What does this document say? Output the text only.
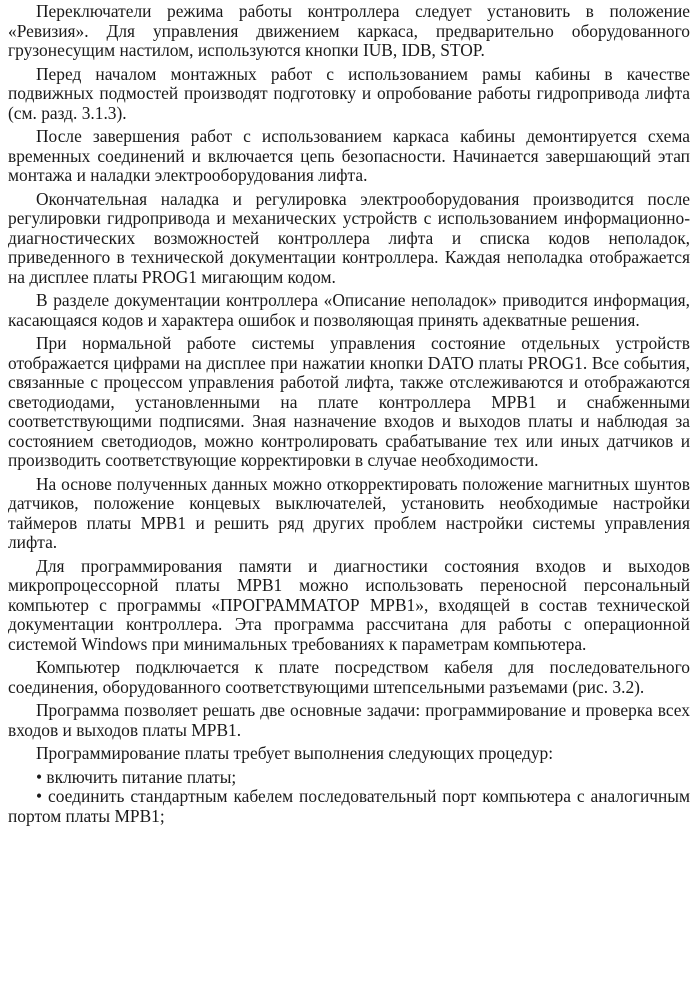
Переключатели режима работы контроллера следует установить в положение «Ревизия». Для управления движением каркаса, предварительно оборудованного грузонесущим настилом, используются кнопки IUB, IDB, STOP.

Перед началом монтажных работ с использованием рамы кабины в качестве подвижных подмостей производят подготовку и опробование работы гидропривода лифта (см. разд. 3.1.3).

После завершения работ с использованием каркаса кабины демонтируется схема временных соединений и включается цепь безопасности. Начинается завершающий этап монтажа и наладки электрооборудования лифта.

Окончательная наладка и регулировка электрооборудования производится после регулировки гидропривода и механических устройств с использованием информационно-диагностических возможностей контроллера лифта и списка кодов неполадок, приведенного в технической документации контроллера. Каждая неполадка отображается на дисплее платы PROG1 мигающим кодом.

В разделе документации контроллера «Описание неполадок» приводится информация, касающаяся кодов и характера ошибок и позволяющая принять адекватные решения.

При нормальной работе системы управления состояние отдельных устройств отображается цифрами на дисплее при нажатии кнопки DATO платы PROG1. Все события, связанные с процессом управления работой лифта, также отслеживаются и отображаются светодиодами, установленными на плате контроллера МРВ1 и снабженными соответствующими подписями. Зная назначение входов и выходов платы и наблюдая за состоянием светодиодов, можно контролировать срабатывание тех или иных датчиков и производить соответствующие корректировки в случае необходимости.

На основе полученных данных можно откорректировать положение магнитных шунтов датчиков, положение концевых выключателей, установить необходимые настройки таймеров платы МРВ1 и решить ряд других проблем настройки системы управления лифта.

Для программирования памяти и диагностики состояния входов и выходов микропроцессорной платы МРВ1 можно использовать переносной персональный компьютер с программы «ПРОГРАММАТОР МРВ1», входящей в состав технической документации контроллера. Эта программа рассчитана для работы с операционной системой Windows при минимальных требованиях к параметрам компьютера.

Компьютер подключается к плате посредством кабеля для последовательного соединения, оборудованного соответствующими штепсельными разъемами (рис. 3.2).

Программа позволяет решать две основные задачи: программирование и проверка всех входов и выходов платы МРВ1.

Программирование платы требует выполнения следующих процедур:

• включить питание платы;

• соединить стандартным кабелем последовательный порт компьютера с аналогичным портом платы МРВ1;
